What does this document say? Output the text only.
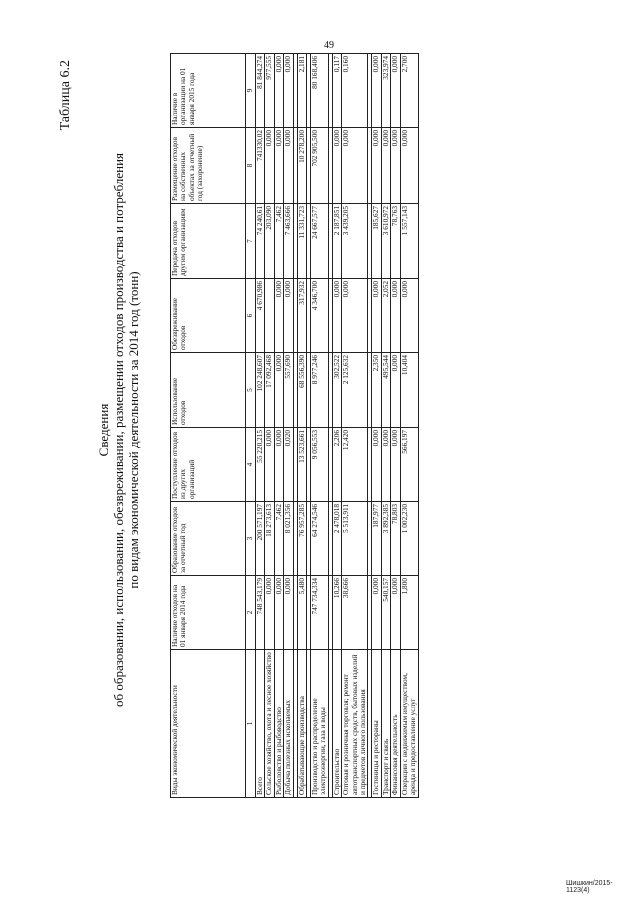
49
Таблица 6.2
Сведения об образовании, использовании, обезвреживании, размещении отходов производства и потребления по видам экономической деятельности за 2014 год (тонн)
Виды экономической деятельности	Наличие отходов на 01 января 2014 года	Образование отходов за отчетный год	Поступление отходов из других организаций	Использование отходов	Обезвреживание отходов	Передача отходов другим организациям	Размещение отходов на собственных объектах за отчетный год (захоронение)	Наличие в организации на 01 января 2015 года
1	2	3	4	5	6	7	8	9
Всего	748 543,179	200 571,197	55 220,215	102 248,607	4 670,986	74 240,61	741330,02	81 844,274
Сельское хозяйство, охота и лесное хозяйство	0,000	18 273,613	0,000	17 092,468		203,090	0,000	977,555
Рыболовство и рыбоводство	0,000	7,462	0,000	0,000	0,000	7,462	0,000	0,000
Добыча полезных ископаемых	0,000	8 021,356	0,020	557,690	0,000	7 463,666	0,000	0,000

Обрабатывающие производства	5,480	76 957,285	13 523,661	68 556,390	317,932	11 331,723	10 278,200	2,181

Производство и распределение электроэнергии, газа и воды	747 734,334	64 274,546	9 056,553	8 977,246	4 346,700	24 667,577	702 905,500	80 168,406

Строительство	10,266	2 478,018	2,206	302,522	0,000	2 187,851	0,000	0,117
Оптовая и розничная торговля; ремонт автотранспортных средств, бытовых изделий и предметов личного пользования	38,666	5 513,911	12,420	2 125,632	0,000	3 439,205	0,000	0,160

Гостиницы и рестораны	0,000	187,977	0,000	2,350	0,000	185,627	0,000	0,000
Транспорт и связь	540,157	3 892,385	0,000	495,544	2,052	3 610,972	0,000	323,974
Финансовая деятельность	0,000	78,803	0,000	0,000	0,000	78,763	0,000	0,000
Операции с недвижимым имуществом, аренда и предоставление услуг	1,800	1 002,230	566,197	10,404	0,000	1 557,143	0,000	2,700
Шишкин/2015-1123(4)
